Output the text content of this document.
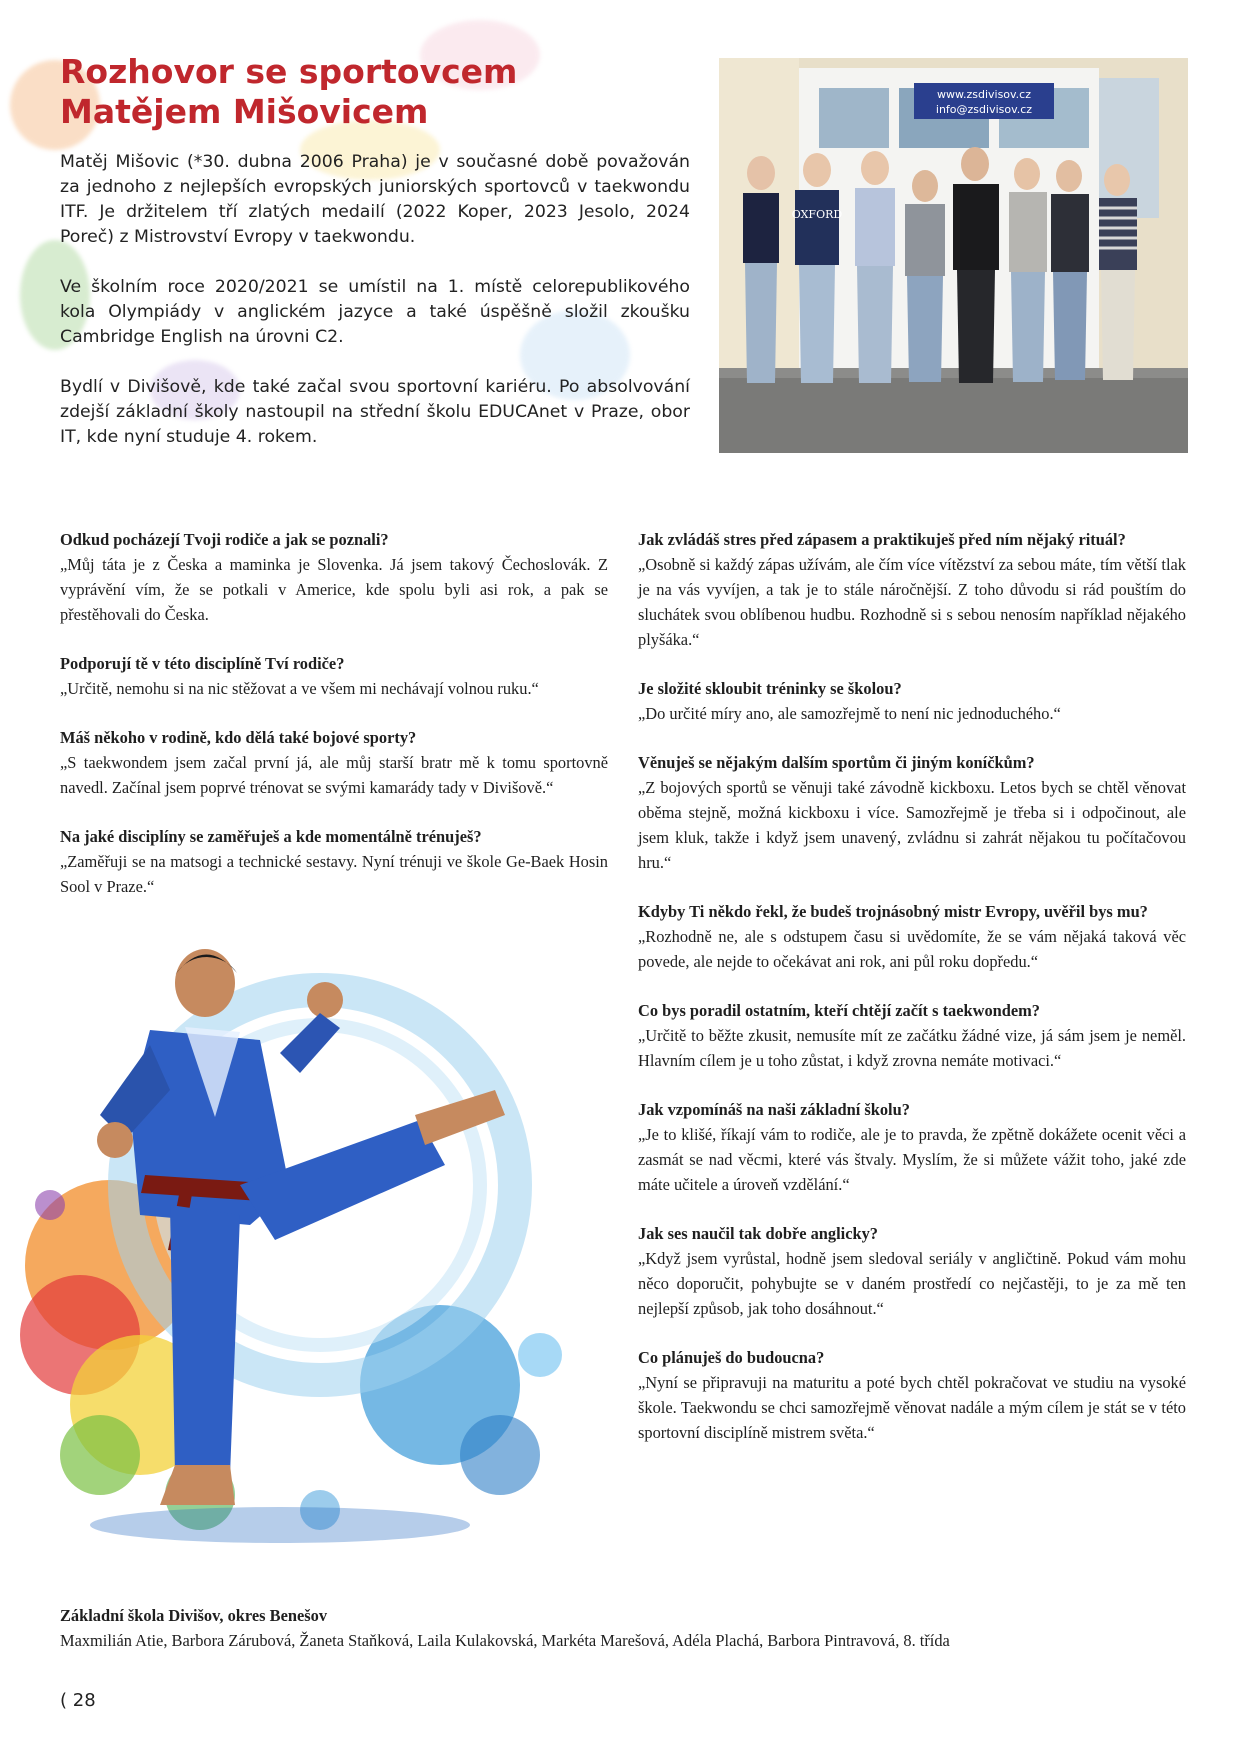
Rozhovor se sportovcem
Matějem Mišovicem

Matěj Mišovic (*30. dubna 2006 Praha) je v současné době považován za jednoho z nejlepších evropských juniorských sportovců v taekwondu ITF. Je držitelem tří zlatých medailí (2022 Koper, 2023 Jesolo, 2024 Poreč) z Mistrovství Evropy v taekwondu.

Ve školním roce 2020/2021 se umístil na 1. místě celorepublikového kola Olympiády v anglickém jazyce a také úspěšně složil zkoušku Cambridge English na úrovni C2.

Bydlí v Divišově, kde také začal svou sportovní kariéru. Po absolvování zdejší základní školy nastoupil na střední školu EDUCAnet v Praze, obor IT, kde nyní studuje 4. rokem.

www.zsdivisov.cz
info@zsdivisov.cz
OXFORD

Odkud pocházejí Tvoji rodiče a jak se poznali?

„Můj táta je z Česka a maminka je Slovenka. Já jsem takový Čechoslovák. Z vyprávění vím, že se potkali v Americe, kde spolu byli asi rok, a pak se přestěhovali do Česka.

Podporují tě v této disciplíně Tví rodiče?

„Určitě, nemohu si na nic stěžovat a ve všem mi nechávají volnou ruku.“

Máš někoho v rodině, kdo dělá také bojové sporty?

„S taekwondem jsem začal první já, ale můj starší bratr mě k tomu sportovně navedl. Začínal jsem poprvé trénovat se svými kamarády tady v Divišově.“

Na jaké disciplíny se zaměřuješ a kde momentálně trénuješ?

„Zaměřuji se na matsogi a technické sestavy. Nyní trénuji ve škole Ge-Baek Hosin Sool v Praze.“

Jak zvládáš stres před zápasem a praktikuješ před ním nějaký rituál?

„Osobně si každý zápas užívám, ale čím více vítězství za sebou máte, tím větší tlak je na vás vyvíjen, a tak je to stále náročnější. Z toho důvodu si rád pouštím do sluchátek svou oblíbenou hudbu. Rozhodně si s sebou nenosím například nějakého plyšáka.“

Je složité skloubit tréninky se školou?

„Do určité míry ano, ale samozřejmě to není nic jednoduchého.“

Věnuješ se nějakým dalším sportům či jiným koníčkům?

„Z bojových sportů se věnuji také závodně kickboxu. Letos bych se chtěl věnovat oběma stejně, možná kickboxu i více. Samozřejmě je třeba si i odpočinout, ale jsem kluk, takže i když jsem unavený, zvládnu si zahrát nějakou tu počítačovou hru.“

Kdyby Ti někdo řekl, že budeš trojnásobný mistr Evropy, uvěřil bys mu?

„Rozhodně ne, ale s odstupem času si uvědomíte, že se vám nějaká taková věc povede, ale nejde to očekávat ani rok, ani půl roku dopředu.“

Co bys poradil ostatním, kteří chtějí začít s taekwondem?

„Určitě to běžte zkusit, nemusíte mít ze začátku žádné vize, já sám jsem je neměl. Hlavním cílem je u toho zůstat, i když zrovna nemáte motivaci.“

Jak vzpomínáš na naši základní školu?

„Je to klišé, říkají vám to rodiče, ale je to pravda, že zpětně dokážete ocenit věci a zasmát se nad věcmi, které vás štvaly. Myslím, že si můžete vážit toho, jaké zde máte učitele a úroveň vzdělání.“

Jak ses naučil tak dobře anglicky?

„Když jsem vyrůstal, hodně jsem sledoval seriály v angličtině. Pokud vám mohu něco doporučit, pohybujte se v daném prostředí co nejčastěji, to je za mě ten nejlepší způsob, jak toho dosáhnout.“

Co plánuješ do budoucna?

„Nyní se připravuji na maturitu a poté bych chtěl pokračovat ve studiu na vysoké škole. Taekwondu se chci samozřejmě věnovat nadále a mým cílem je stát se v této sportovní disciplíně mistrem světa.“

Základní škola Divišov, okres Benešov
Maxmilián Atie, Barbora Zárubová, Žaneta Staňková, Laila Kulakovská, Markéta Marešová, Adéla Plachá, Barbora Pintravová, 8. třída
( 28
